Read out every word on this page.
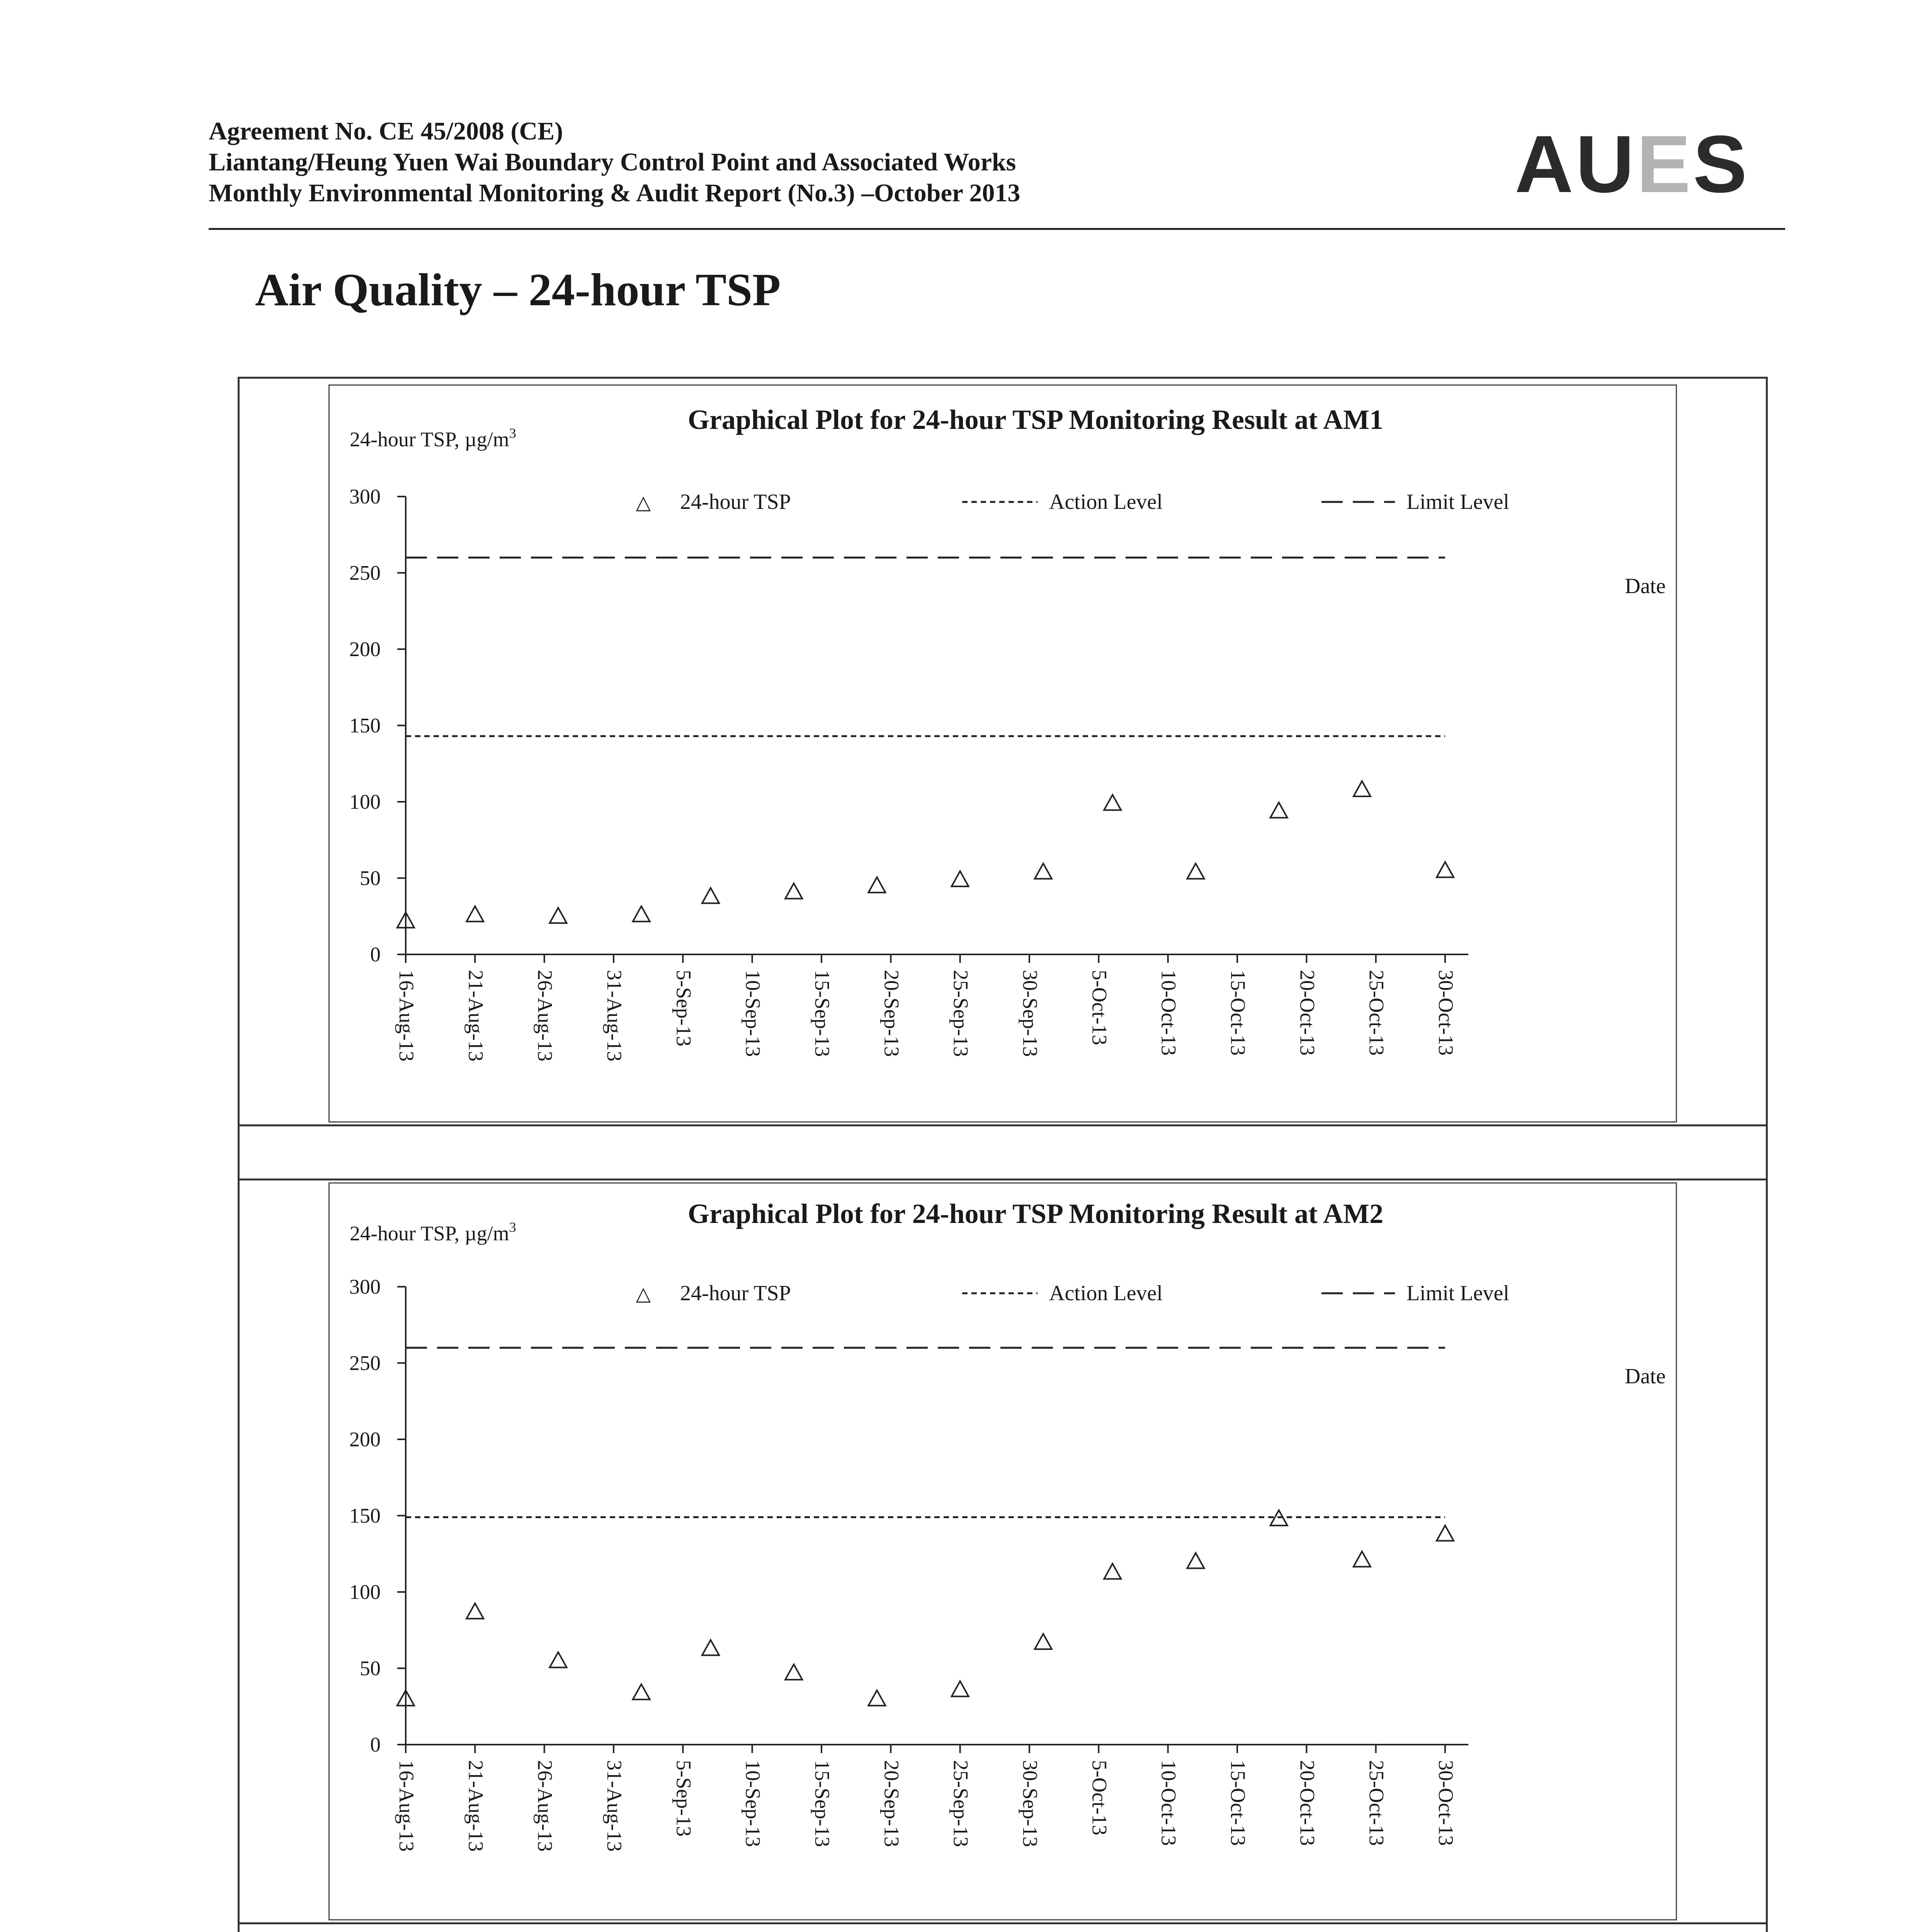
Agreement No. CE 45/2008 (CE)
Liantang/Heung Yuen Wai Boundary Control Point and Associated Works
Monthly Environmental Monitoring & Audit Report (No.3) –October 2013	AUES
Air Quality – 24-hour TSP
Graphical Plot for 24-hour TSP Monitoring Result at AM1
24-hour TSP, $\mu g/m^3$
Date
0
50
100
150
200
250
300
16-Aug-13 21-Aug-13 26-Aug-13 31-Aug-13 5-Sep-13 10-Sep-13 15-Sep-13 20-Sep-13 25-Sep-13 30-Sep-13 5-Oct-13 10-Oct-13 15-Oct-13 20-Oct-13 25-Oct-13 30-Oct-13
△ 24-hour TSP	Action Level	Limit Level
Graphical Plot for 24-hour TSP Monitoring Result at AM2
24-hour TSP, $\mu g/m^3$
Date
0
50
100
150
200
250
300
16-Aug-13 21-Aug-13 26-Aug-13 31-Aug-13 5-Sep-13 10-Sep-13 15-Sep-13 20-Sep-13 25-Sep-13 30-Sep-13 5-Oct-13 10-Oct-13 15-Oct-13 20-Oct-13 25-Oct-13 30-Oct-13
△ 24-hour TSP	Action Level	Limit Level
